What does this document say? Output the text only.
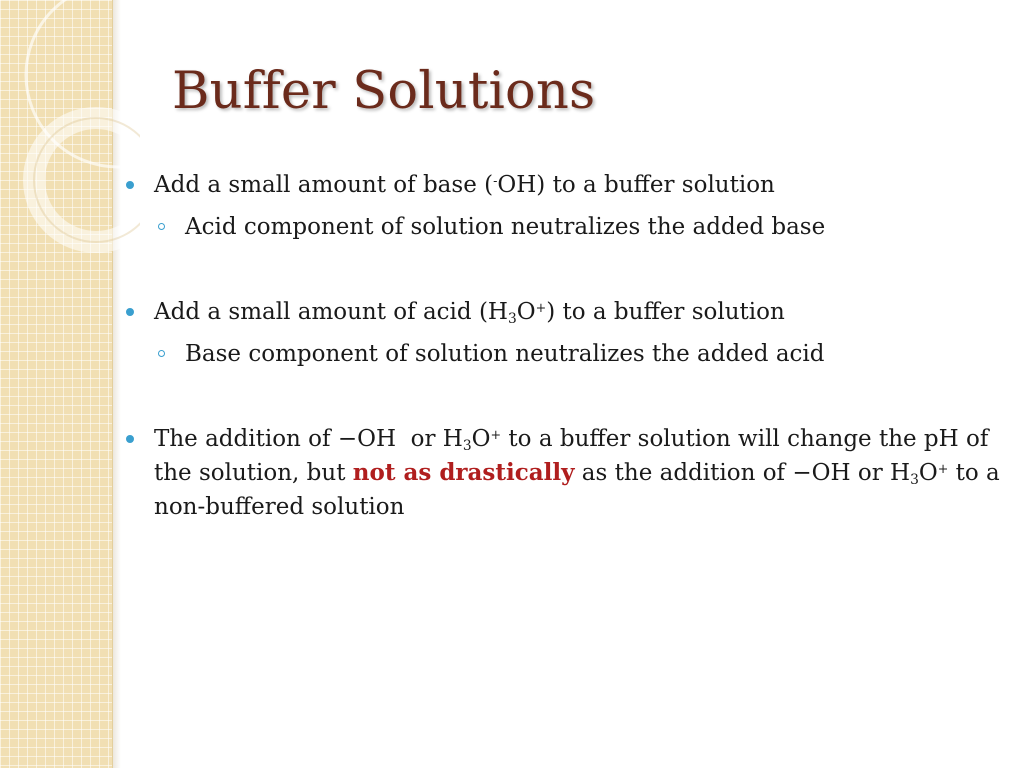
Buffer Solutions
Add a small amount of base (-OH) to a buffer solution
Acid component of solution neutralizes the added base
Add a small amount of acid $(H_3O^+)$ to a buffer solution
Base component of solution neutralizes the added acid
The addition of −OH  or $H_3O^+$ to a buffer solution will change the pH of the solution, but not as drastically as the addition of −OH or $H_3O^+$ to a non-buffered solution
